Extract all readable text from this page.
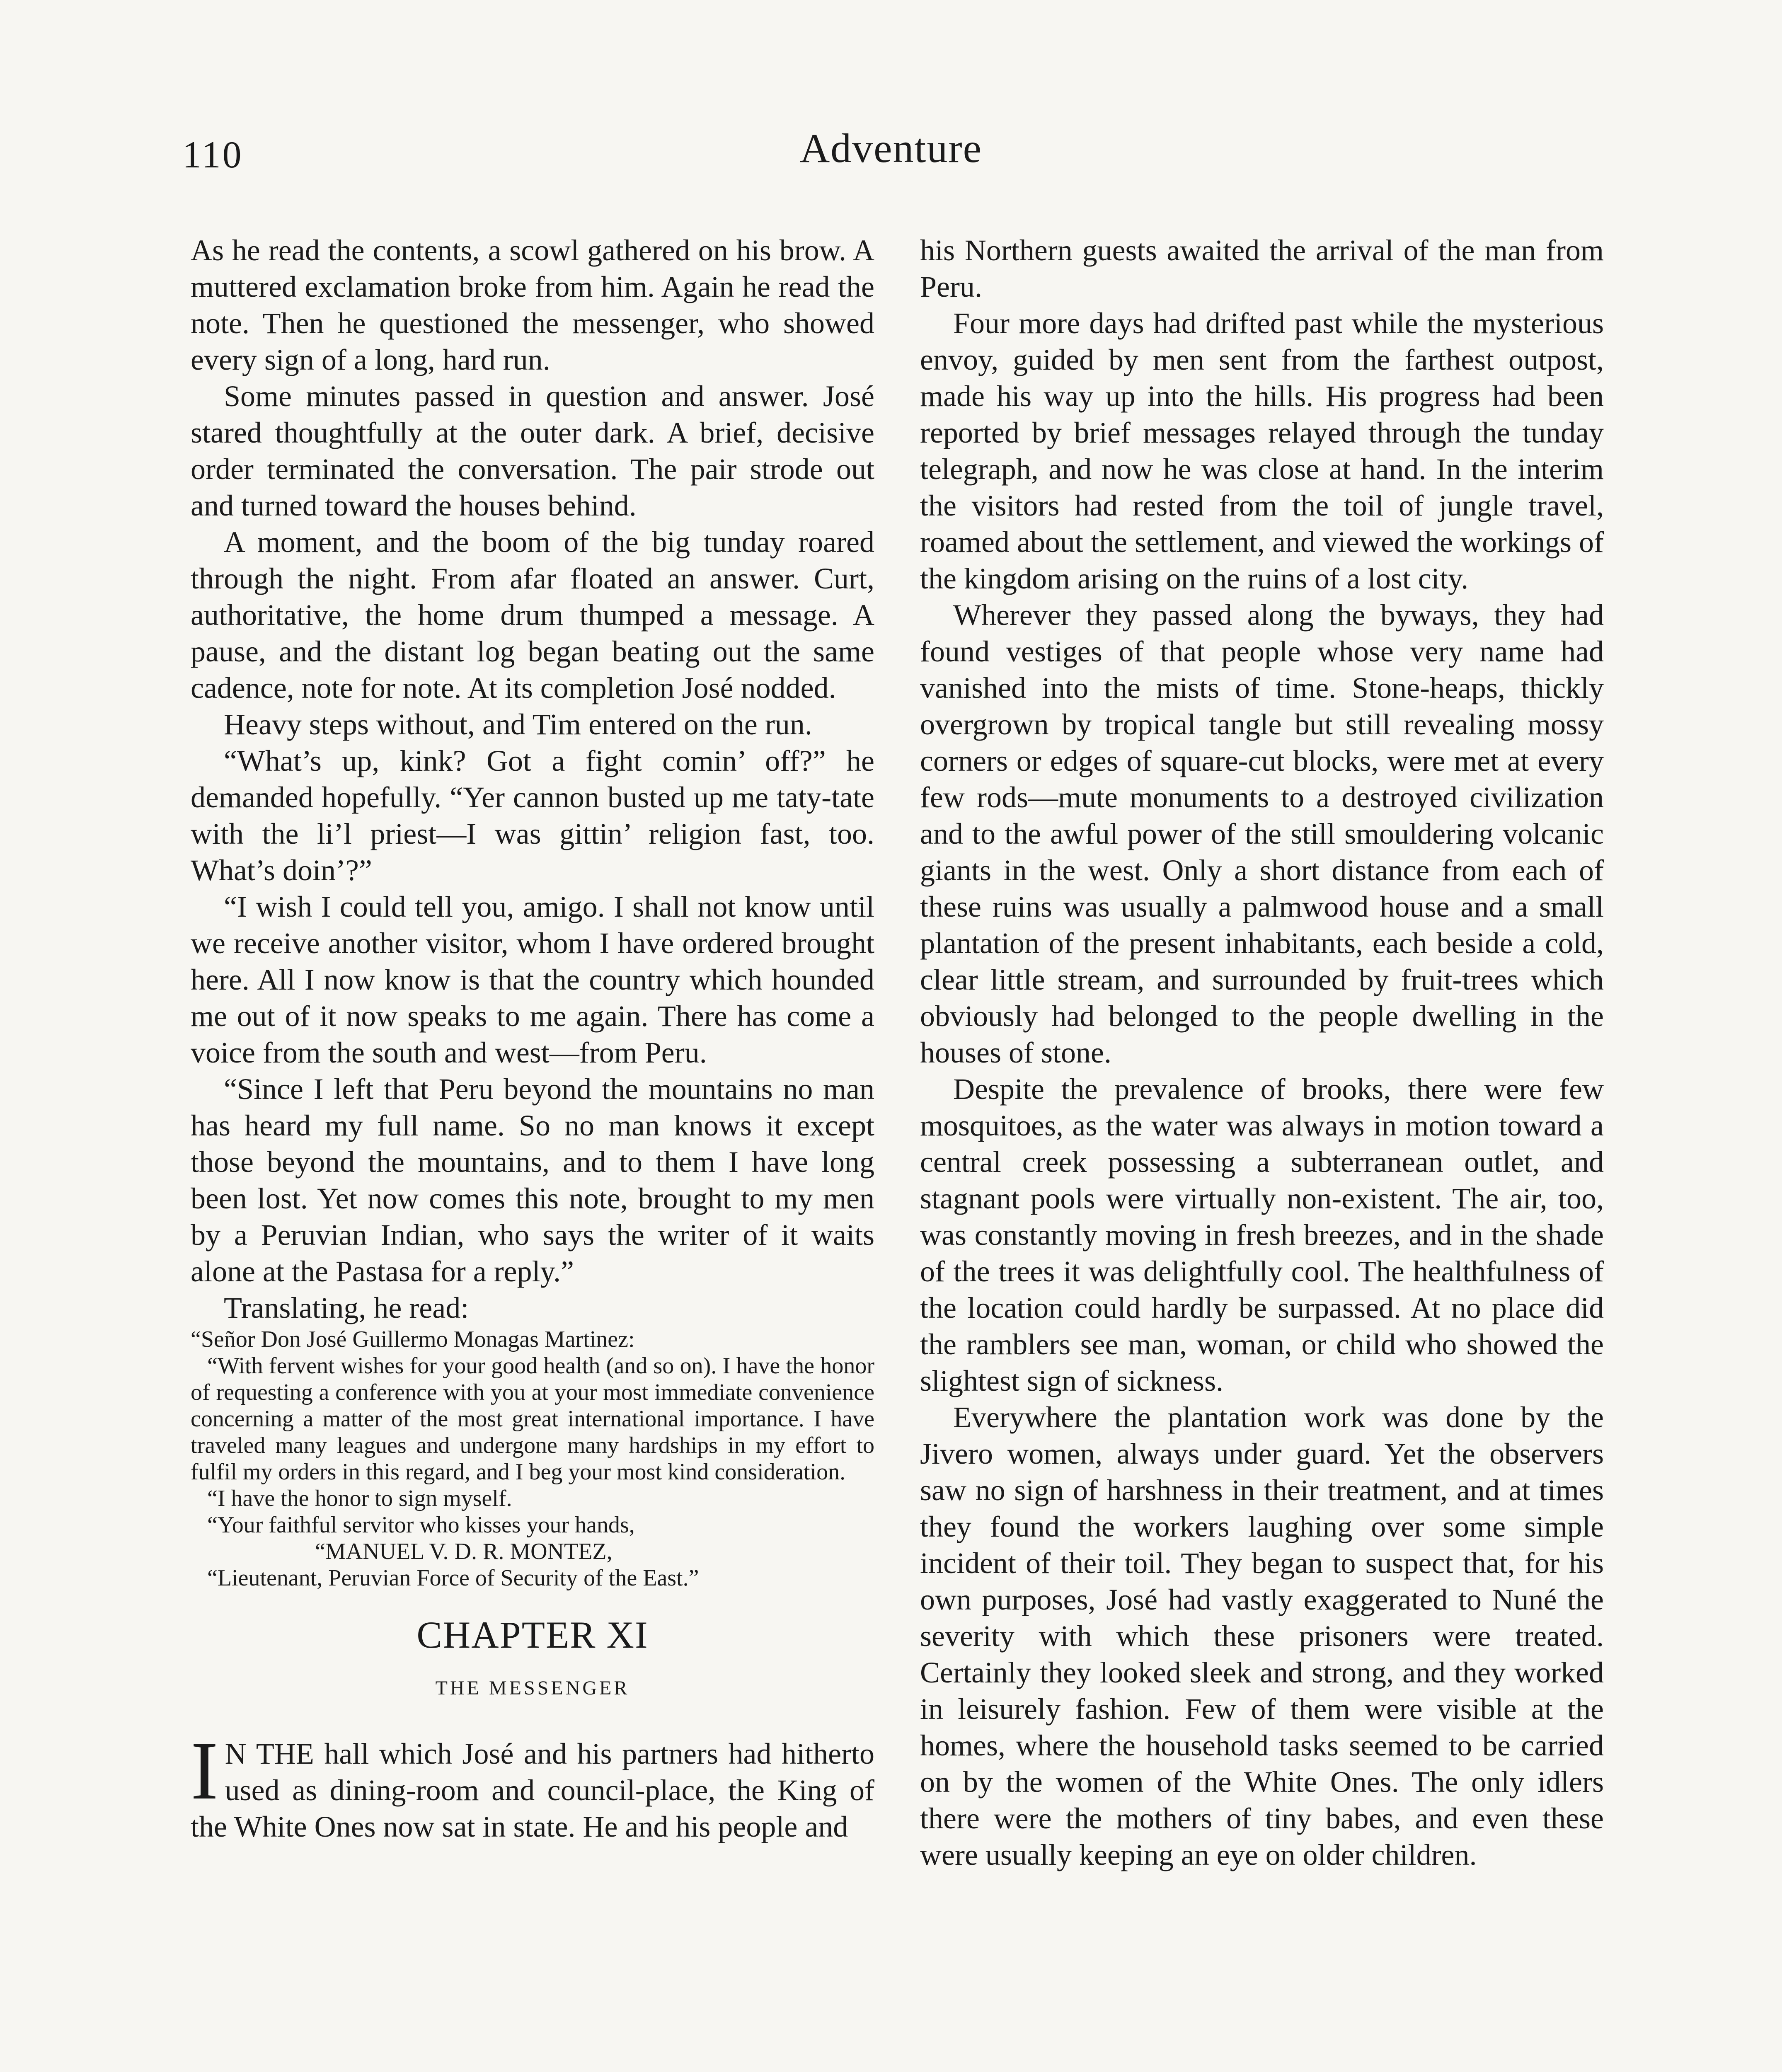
110	Adventure

As he read the contents, a scowl gathered on his brow. A muttered exclamation broke from him. Again he read the note. Then he questioned the messenger, who showed every sign of a long, hard run.

Some minutes passed in question and answer. José stared thoughtfully at the outer dark. A brief, decisive order terminated the conversation. The pair strode out and turned toward the houses behind.

A moment, and the boom of the big tunday roared through the night. From afar floated an answer. Curt, authoritative, the home drum thumped a message. A pause, and the distant log began beating out the same cadence, note for note. At its completion José nodded.

Heavy steps without, and Tim entered on the run.

“What’s up, kink? Got a fight comin’ off?” he demanded hopefully. “Yer cannon busted up me taty-tate with the li’l priest—I was gittin’ religion fast, too. What’s doin’?”

“I wish I could tell you, amigo. I shall not know until we receive another visitor, whom I have ordered brought here. All I now know is that the country which hounded me out of it now speaks to me again. There has come a voice from the south and west—from Peru.

“Since I left that Peru beyond the mountains no man has heard my full name. So no man knows it except those beyond the mountains, and to them I have long been lost. Yet now comes this note, brought to my men by a Peruvian Indian, who says the writer of it waits alone at the Pastasa for a reply.”

Translating, he read:

“Señor Don José Guillermo Monagas Martinez:

“With fervent wishes for your good health (and so on). I have the honor of requesting a conference with you at your most immediate convenience concerning a matter of the most great international importance. I have traveled many leagues and undergone many hardships in my effort to fulfil my orders in this regard, and I beg your most kind consideration.

“I have the honor to sign myself.

“Your faithful servitor who kisses your hands,

“MANUEL V. D. R. MONTEZ,

“Lieutenant, Peruvian Force of Security of the East.”

CHAPTER XI
THE MESSENGER

I N THE hall which José and his partners had hitherto used as dining-room and council-place, the King of the White Ones now sat in state. He and his people and

his Northern guests awaited the arrival of the man from Peru.

Four more days had drifted past while the mysterious envoy, guided by men sent from the farthest outpost, made his way up into the hills. His progress had been reported by brief messages relayed through the tunday telegraph, and now he was close at hand. In the interim the visitors had rested from the toil of jungle travel, roamed about the settlement, and viewed the workings of the kingdom arising on the ruins of a lost city.

Wherever they passed along the byways, they had found vestiges of that people whose very name had vanished into the mists of time. Stone-heaps, thickly overgrown by tropical tangle but still revealing mossy corners or edges of square-cut blocks, were met at every few rods—mute monuments to a destroyed civilization and to the awful power of the still smouldering volcanic giants in the west. Only a short distance from each of these ruins was usually a palmwood house and a small plantation of the present inhabitants, each beside a cold, clear little stream, and surrounded by fruit-trees which obviously had belonged to the people dwelling in the houses of stone.

Despite the prevalence of brooks, there were few mosquitoes, as the water was always in motion toward a central creek possessing a subterranean outlet, and stagnant pools were virtually non-existent. The air, too, was constantly moving in fresh breezes, and in the shade of the trees it was delightfully cool. The healthfulness of the location could hardly be surpassed. At no place did the ramblers see man, woman, or child who showed the slightest sign of sickness.

Everywhere the plantation work was done by the Jivero women, always under guard. Yet the observers saw no sign of harshness in their treatment, and at times they found the workers laughing over some simple incident of their toil. They began to suspect that, for his own purposes, José had vastly exaggerated to Nuné the severity with which these prisoners were treated. Certainly they looked sleek and strong, and they worked in leisurely fashion. Few of them were visible at the homes, where the household tasks seemed to be carried on by the women of the White Ones. The only idlers there were the mothers of tiny babes, and even these were usually keeping an eye on older children.
